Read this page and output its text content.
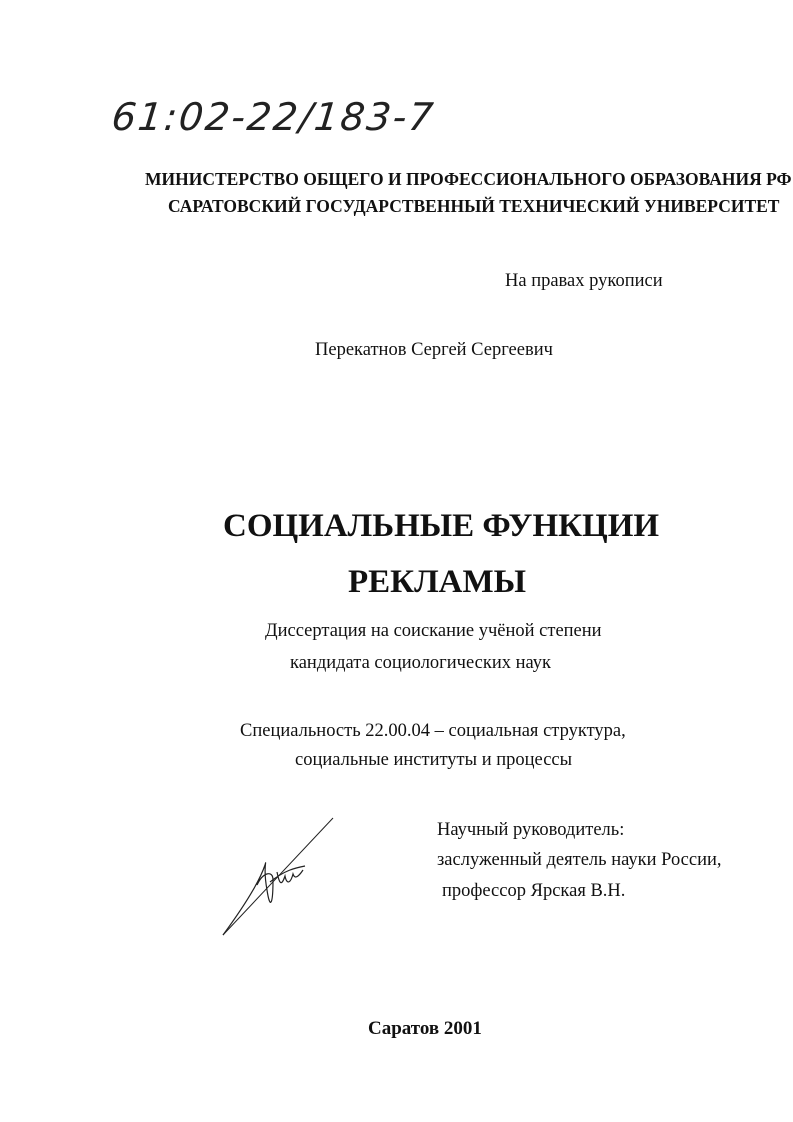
61:02-22/183-7
МИНИСТЕРСТВО ОБЩЕГО И ПРОФЕССИОНАЛЬНОГО ОБРАЗОВАНИЯ РФ
САРАТОВСКИЙ ГОСУДАРСТВЕННЫЙ ТЕХНИЧЕСКИЙ УНИВЕРСИТЕТ
На правах рукописи
Перекатнов Сергей Сергеевич
СОЦИАЛЬНЫЕ ФУНКЦИИ
РЕКЛАМЫ
Диссертация на соискание учёной степени
кандидата социологических наук
Специальность 22.00.04 – социальная структура,
социальные институты и процессы
Научный руководитель:
заслуженный деятель науки России,
профессор Ярская В.Н.
Саратов 2001
